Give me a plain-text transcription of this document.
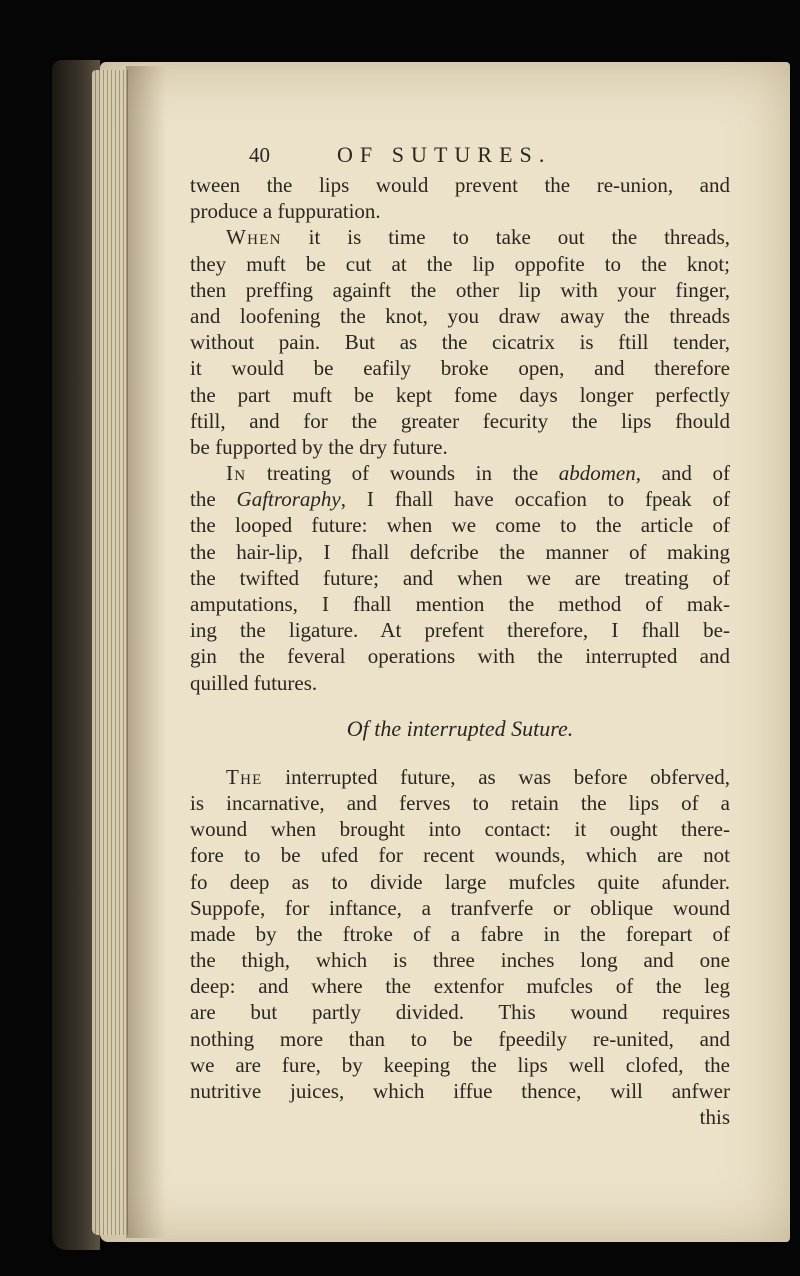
40	OF SUTURES.
tween the lips would prevent the re-union, and
produce a fuppuration.
When it is time to take out the threads,
they muft be cut at the lip oppofite to the knot;
then preffing againft the other lip with your finger,
and loofening the knot, you draw away the threads
without pain. But as the cicatrix is ftill tender,
it would be eafily broke open, and therefore
the part muft be kept fome days longer perfectly
ftill, and for the greater fecurity the lips fhould
be fupported by the dry future.
In treating of wounds in the abdomen, and of
the Gaftroraphy, I fhall have occafion to fpeak of
the looped future: when we come to the article of
the hair-lip, I fhall defcribe the manner of making
the twifted future; and when we are treating of
amputations, I fhall mention the method of mak-
ing the ligature. At prefent therefore, I fhall be-
gin the feveral operations with the interrupted and
quilled futures.
Of the interrupted Suture.
The interrupted future, as was before obferved,
is incarnative, and ferves to retain the lips of a
wound when brought into contact: it ought there-
fore to be ufed for recent wounds, which are not
fo deep as to divide large mufcles quite afunder.
Suppofe, for inftance, a tranfverfe or oblique wound
made by the ftroke of a fabre in the forepart of
the thigh, which is three inches long and one
deep: and where the extenfor mufcles of the leg
are but partly divided. This wound requires
nothing more than to be fpeedily re-united, and
we are fure, by keeping the lips well clofed, the
nutritive juices, which iffue thence, will anfwer
this
